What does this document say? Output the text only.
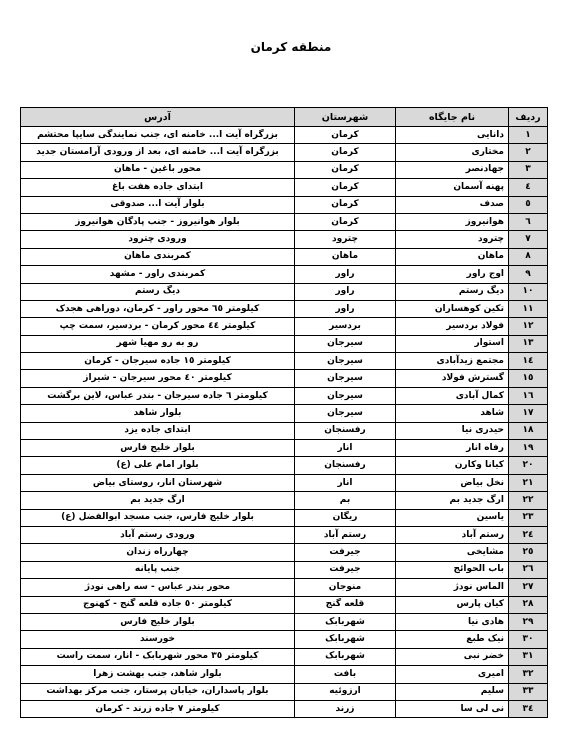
منطقه کرمان
ردیف	نام جایگاه	شهرستان	آدرس
۱	دانایی	کرمان	بزرگراه آیت ا... خامنه ای، جنب نمایندگی سایپا محتشم
۲	مختاری	کرمان	بزرگراه آیت ا... خامنه ای، بعد از ورودی آرامستان جدید
۳	جهادنصر	کرمان	محور باغین - ماهان
٤	پهنه آسمان	کرمان	ابتدای جاده هفت باغ
٥	صدف	کرمان	بلوار آیت ا... صدوقی
٦	هوانیروز	کرمان	بلوار هوانیروز - جنب پادگان هوانیروز
۷	چترود	چترود	ورودی چترود
۸	ماهان	ماهان	کمربندی ماهان
۹	اوج راور	راور	کمربندی راور - مشهد
۱۰	دیگ رستم	راور	دیگ رستم
۱۱	تکین کوهساران	راور	کیلومتر ٦٥ محور راور - کرمان، دوراهی هجدک
۱۲	فولاد بردسیر	بردسیر	کیلومتر ٤٤ محور کرمان - بردسیر، سمت چپ
۱۳	استوار	سیرجان	رو به رو مهیا شهر
۱٤	مجتمع زیدآبادی	سیرجان	کیلومتر ۱٥ جاده سیرجان - کرمان
۱٥	گسترش فولاد	سیرجان	کیلومتر ٤۰ محور سیرجان - شیراز
۱٦	کمال آبادی	سیرجان	کیلومتر ٦ جاده سیرجان - بندر عباس، لاین برگشت
۱۷	شاهد	سیرجان	بلوار شاهد
۱۸	حیدری نیا	رفسنجان	ابتدای جاده یزد
۱۹	رفاه انار	انار	بلوار خلیج فارس
۲۰	کیانا وکارن	رفسنجان	بلوار امام علی (ع)
۲۱	نخل بیاض	انار	شهرستان انار، روستای بیاض
۲۲	ارگ جدید بم	بم	ارگ جدید بم
۲۳	یاسین	ریگان	بلوار خلیج فارس، جنب مسجد ابوالفضل (ع)
۲٤	رستم آباد	رستم آباد	ورودی رستم آباد
۲٥	مشایخی	جیرفت	چهارراه زندان
۲٦	باب الحوائج	جیرفت	جنب پایانه
۲۷	الماس نودژ	منوجان	محور بندر عباس - سه راهی نودژ
۲۸	کیان پارس	قلعه گنج	کیلومتر ٥۰ جاده قلعه گنج - کهنوج
۲۹	هادی نیا	شهربابک	بلوار خلیج فارس
۳۰	نیک طبع	شهربابک	خورسند
۳۱	خضر نبی	شهربابک	کیلومتر ۳٥ محور شهربابک - انار، سمت راست
۳۲	امیری	بافت	بلوار شاهد، جنب بهشت زهرا
۳۳	سلیم	ارزوئیه	بلوار پاسداران، خیابان پرستار، جنب مرکز بهداشت
۳٤	نی لی سا	زرند	کیلومتر ۷ جاده زرند - کرمان
